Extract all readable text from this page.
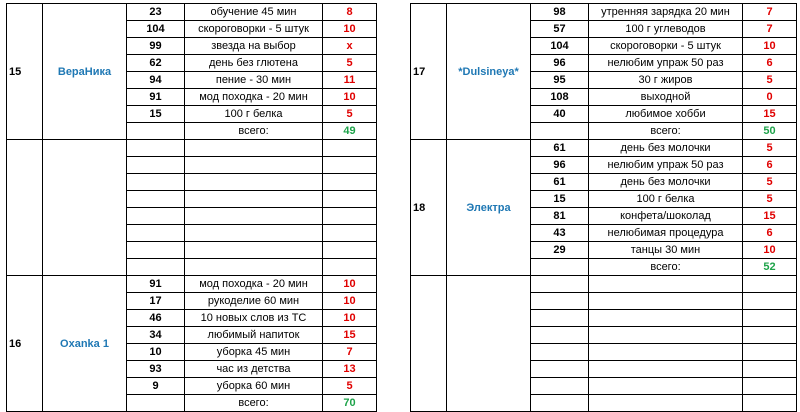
15	ВераНика	23	обучение 45 мин	8
		104	скороговорки - 5 штук	10
		99	звезда на выбор	x
		62	день без глютена	5
		94	пение - 30 мин	11
		91	мод походка - 20 мин	10
		15	100 г белка	5
			всего:	49

16	Oxanka 1	91	мод походка - 20 мин	10
		17	рукоделие 60 мин	10
		46	10 новых слов из ТС	10
		34	любимый напиток	15
		10	уборка 45 мин	7
		93	час из детства	13
		9	уборка 60 мин	5
			всего:	70
17	*Dulsineya*	98	утренняя зарядка 20 мин	7
		57	100 г углеводов	7
		104	скороговорки - 5 штук	10
		96	нелюбим упраж 50 раз	6
		95	30 г жиров	5
		108	выходной	0
		40	любимое хобби	15
			всего:	50
18	Электра	61	день без молочки	5
		96	нелюбим упраж 50 раз	6
		61	день без молочки	5
		15	100 г белка	5
		81	конфета/шоколад	15
		43	нелюбимая процедура	6
		29	танцы 30 мин	10
			всего:	52
